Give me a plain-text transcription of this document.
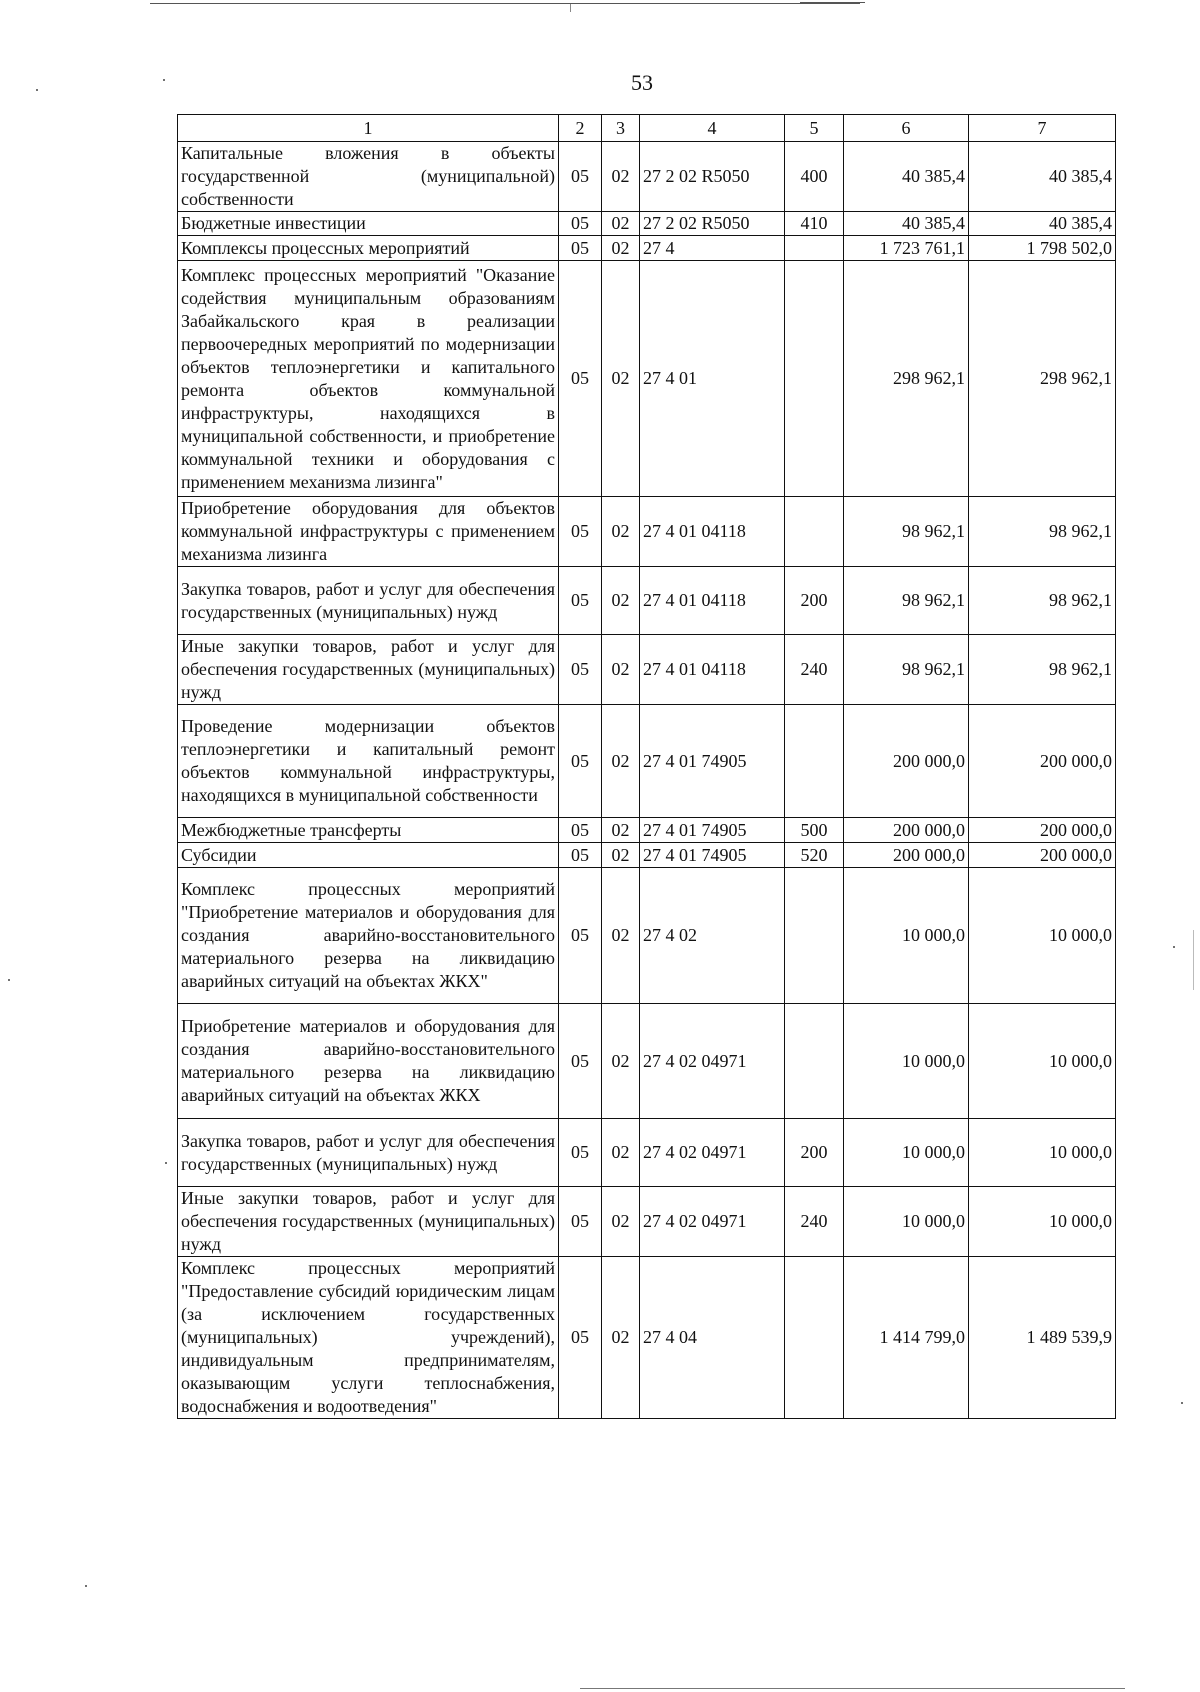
53
1	2	3	4	5	6	7
Капитальные вложения в объекты государственной (муниципальной) собственности	05	02	27 2 02 R5050	400	40 385,4	40 385,4
Бюджетные инвестиции	05	02	27 2 02 R5050	410	40 385,4	40 385,4
Комплексы процессных мероприятий	05	02	27 4		1 723 761,1	1 798 502,0
Комплекс процессных мероприятий "Оказание содействия муниципальным образованиям Забайкальского края в реализации первоочередных мероприятий по модернизации объектов теплоэнергетики и капитального ремонта объектов коммунальной инфраструктуры, находящихся в муниципальной собственности, и приобретение коммунальной техники и оборудования с применением механизма лизинга"	05	02	27 4 01		298 962,1	298 962,1
Приобретение оборудования для объектов коммунальной инфраструктуры с применением механизма лизинга	05	02	27 4 01 04118		98 962,1	98 962,1
Закупка товаров, работ и услуг для обеспечения государственных (муниципальных) нужд	05	02	27 4 01 04118	200	98 962,1	98 962,1
Иные закупки товаров, работ и услуг для обеспечения государственных (муниципальных) нужд	05	02	27 4 01 04118	240	98 962,1	98 962,1
Проведение модернизации объектов теплоэнергетики и капитальный ремонт объектов коммунальной инфраструктуры, находящихся в муниципальной собственности	05	02	27 4 01 74905		200 000,0	200 000,0
Межбюджетные трансферты	05	02	27 4 01 74905	500	200 000,0	200 000,0
Субсидии	05	02	27 4 01 74905	520	200 000,0	200 000,0
Комплекс процессных мероприятий "Приобретение материалов и оборудования для создания аварийно-восстановительного материального резерва на ликвидацию аварийных ситуаций на объектах ЖКХ"	05	02	27 4 02		10 000,0	10 000,0
Приобретение материалов и оборудования для создания аварийно-восстановительного материального резерва на ликвидацию аварийных ситуаций на объектах ЖКХ	05	02	27 4 02 04971		10 000,0	10 000,0
Закупка товаров, работ и услуг для обеспечения государственных (муниципальных) нужд	05	02	27 4 02 04971	200	10 000,0	10 000,0
Иные закупки товаров, работ и услуг для обеспечения государственных (муниципальных) нужд	05	02	27 4 02 04971	240	10 000,0	10 000,0
Комплекс процессных мероприятий "Предоставление субсидий юридическим лицам (за исключением государственных (муниципальных) учреждений), индивидуальным предпринимателям, оказывающим услуги теплоснабжения, водоснабжения и водоотведения"	05	02	27 4 04		1 414 799,0	1 489 539,9
